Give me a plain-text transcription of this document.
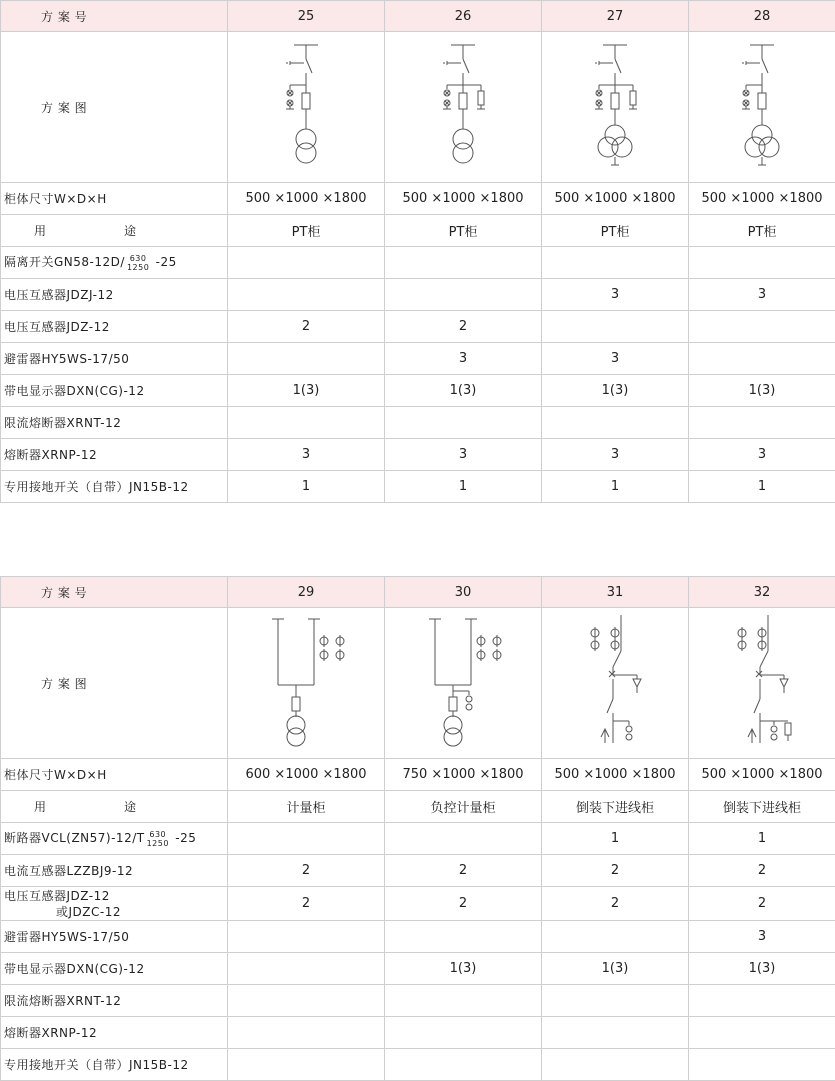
方 案 号	25	26	27	28
方 案 图	

柜体尺寸W×D×H	500 ×1000 ×1800	500 ×1000 ×1800	500 ×1000 ×1800	500 ×1000 ×1800
用 途	PT柜	PT柜	PT柜	PT柜
隔离开关GN58-12D/ 630
1250 -25				
电压互感器JDZJ-12			3	3
电压互感器JDZ-12	2	2		
避雷器HY5WS-17/50		3	3	
带电显示器DXN(CG)-12	1(3)	1(3)	1(3)	1(3)
限流熔断器XRNT-12				
熔断器XRNP-12	3	3	3	3
专用接地开关（自带）JN15B-12	1	1	1	1
方 案 号	29	30	31	32
方 案 图	

柜体尺寸W×D×H	600 ×1000 ×1800	750 ×1000 ×1800	500 ×1000 ×1800	500 ×1000 ×1800
用 途	计量柜	负控计量柜	倒装下进线柜	倒装下进线柜
断路器VCL(ZN57)-12/T 630
1250 -25			1	1
电流互感器LZZBJ9-12	2	2	2	2

电压互感器JDZ-12
或JDZC-12	2	2	2	2
避雷器HY5WS-17/50				3
带电显示器DXN(CG)-12		1(3)	1(3)	1(3)
限流熔断器XRNT-12				
熔断器XRNP-12				
专用接地开关（自带）JN15B-12				
